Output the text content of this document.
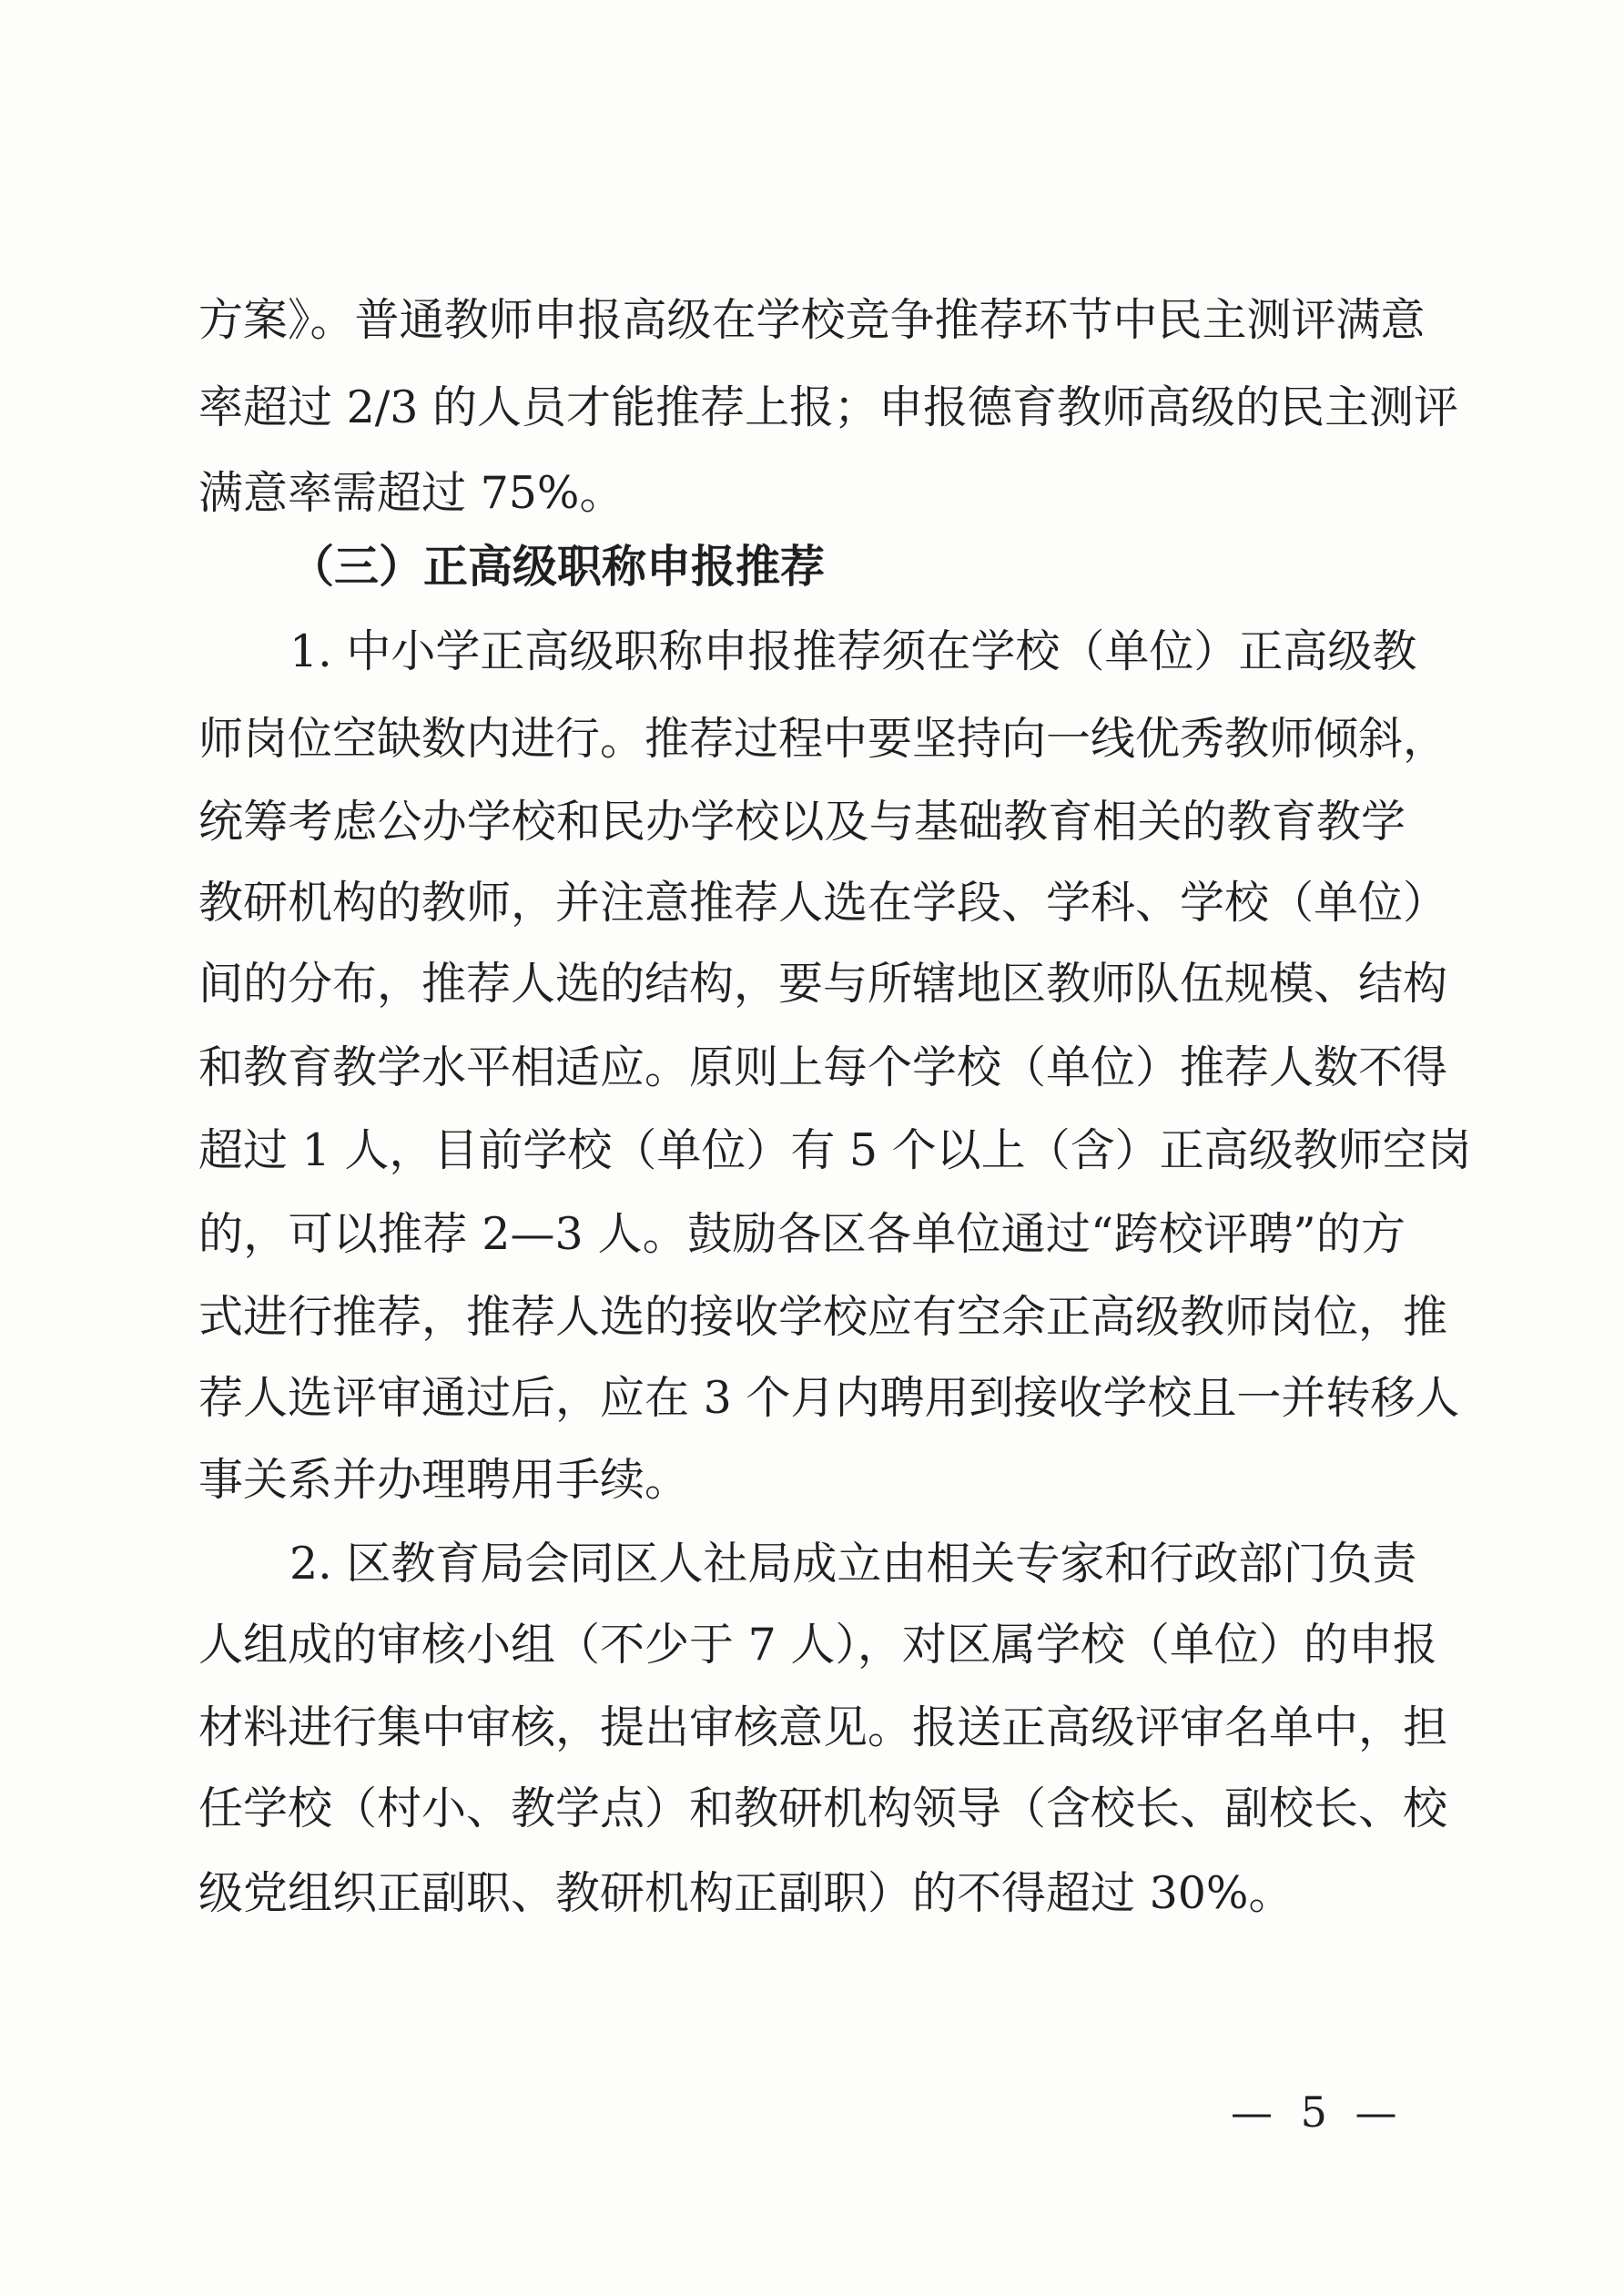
方案》。普通教师申报高级在学校竞争推荐环节中民主测评满意
率超过 2/3 的人员才能推荐上报；申报德育教师高级的民主测评
满意率需超过 75%。
（三）正高级职称申报推荐
1. 中小学正高级职称申报推荐须在学校（单位）正高级教
师岗位空缺数内进行。推荐过程中要坚持向一线优秀教师倾斜，
统筹考虑公办学校和民办学校以及与基础教育相关的教育教学
教研机构的教师，并注意推荐人选在学段、学科、学校（单位）
间的分布，推荐人选的结构，要与所辖地区教师队伍规模、结构
和教育教学水平相适应。原则上每个学校（单位）推荐人数不得
超过 1 人，目前学校（单位）有 5 个以上（含）正高级教师空岗
的，可以推荐 2—3 人。鼓励各区各单位通过“跨校评聘”的方
式进行推荐，推荐人选的接收学校应有空余正高级教师岗位，推
荐人选评审通过后，应在 3 个月内聘用到接收学校且一并转移人
事关系并办理聘用手续。
2. 区教育局会同区人社局成立由相关专家和行政部门负责
人组成的审核小组（不少于 7 人），对区属学校（单位）的申报
材料进行集中审核，提出审核意见。报送正高级评审名单中，担
任学校（村小、教学点）和教研机构领导（含校长、副校长、校
级党组织正副职、教研机构正副职）的不得超过 30%。
— 5 —
